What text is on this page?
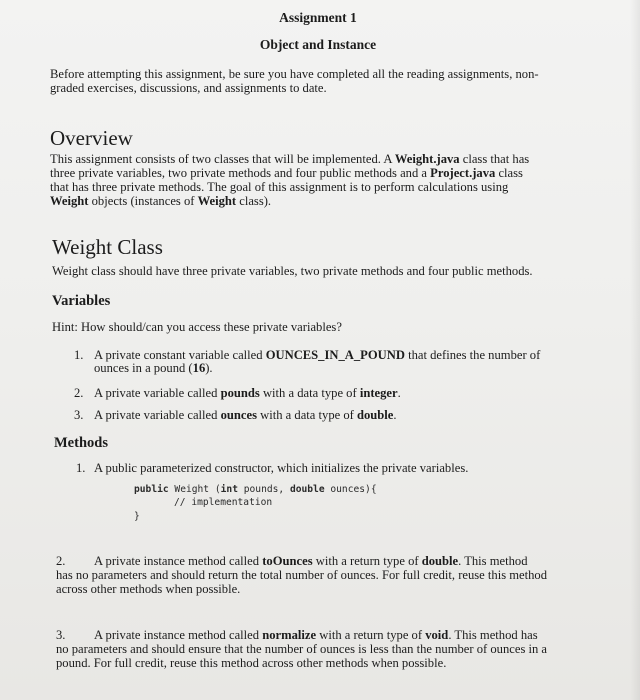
Assignment 1
Object and Instance
Before attempting this assignment, be sure you have completed all the reading assignments, non-
graded exercises, discussions, and assignments to date.
Overview
This assignment consists of two classes that will be implemented. A Weight.java class that has
three private variables, two private methods and four public methods and a Project.java class
that has three private methods. The goal of this assignment is to perform calculations using
Weight objects (instances of Weight class).
Weight Class
Weight class should have three private variables, two private methods and four public methods.
Variables
Hint: How should/can you access these private variables?
1. A private constant variable called OUNCES_IN_A_POUND that defines the number of
ounces in a pound (16).
2. A private variable called pounds with a data type of integer.
3. A private variable called ounces with a data type of double.
Methods
1. A public parameterized constructor, which initializes the private variables.
public Weight (int pounds, double ounces){
// implementation
}
2. A private instance method called toOunces with a return type of double. This method
has no parameters and should return the total number of ounces. For full credit, reuse this method
across other methods when possible.
3. A private instance method called normalize with a return type of void. This method has
no parameters and should ensure that the number of ounces is less than the number of ounces in a
pound. For full credit, reuse this method across other methods when possible.
